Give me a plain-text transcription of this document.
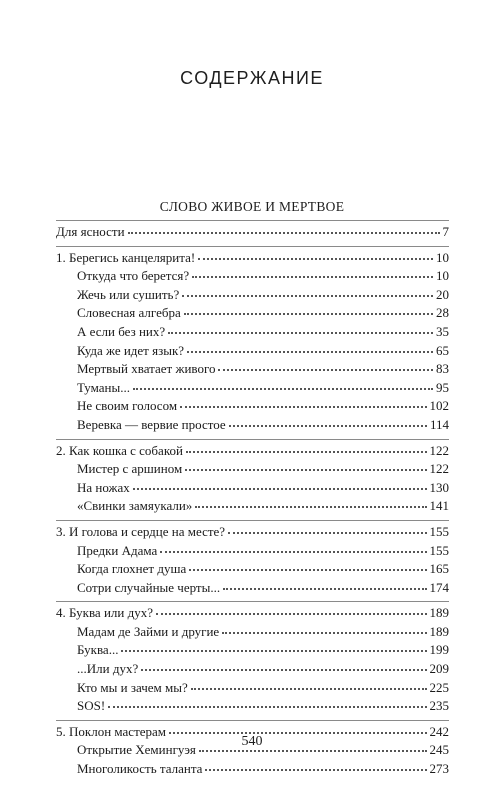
СОДЕРЖАНИЕ
СЛОВО ЖИВОЕ И МЕРТВОЕ
Для ясности	7
1. Берегись канцелярита!	10
Откуда что берется?	10
Жечь или сушить?	20
Словесная алгебра	28
А если без них?	35
Куда же идет язык?	65
Мертвый хватает живого	83
Туманы...	95
Не своим голосом	102
Веревка — вервие простое	114
2. Как кошка с собакой	122
Мистер с аршином	122
На ножах	130
«Свинки замяукали»	141
3. И голова и сердце на месте?	155
Предки Адама	155
Когда глохнет душа	165
Сотри случайные черты...	174
4. Буква или дух?	189
Мадам де Займи и другие	189
Буква...	199
...Или дух?	209
Кто мы и зачем мы?	225
SOS!	235
5. Поклон мастерам	242
Открытие Хемингуэя	245
Многоликость таланта	273
540
